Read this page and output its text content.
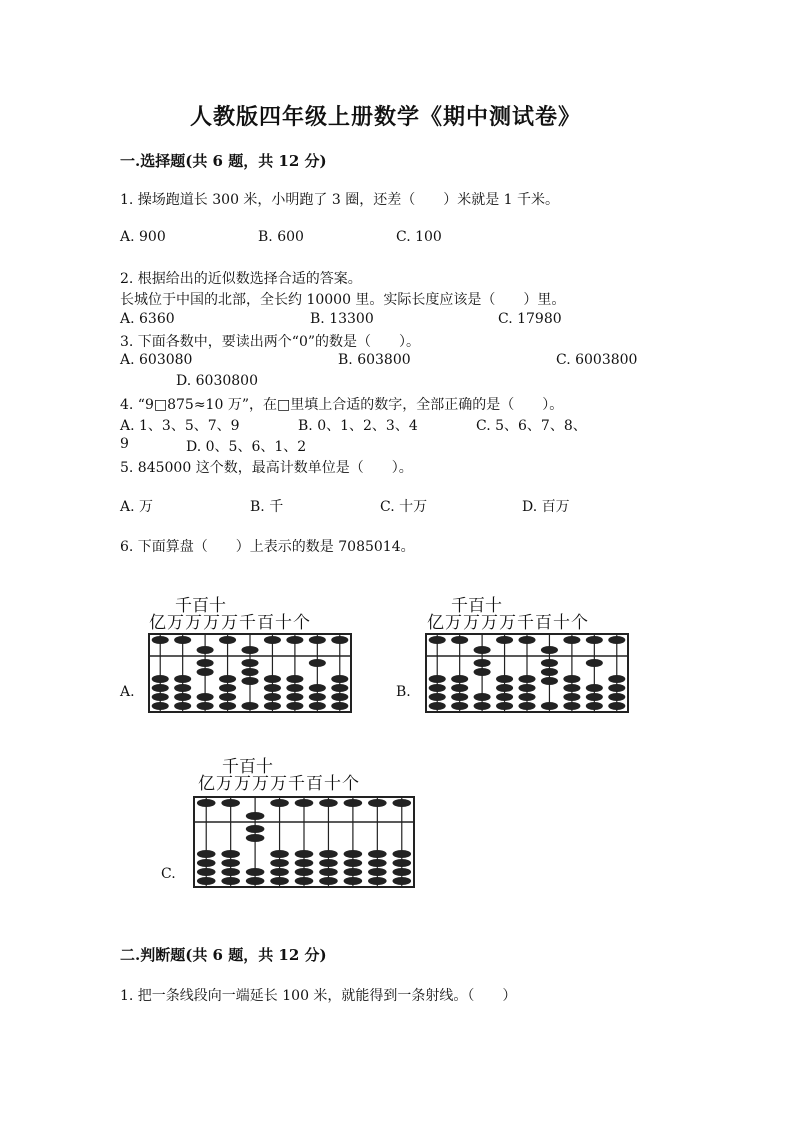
人教版四年级上册数学《期中测试卷》
一.选择题(共 6 题，共 12 分)
1. 操场跑道长 300 米，小明跑了 3 圈，还差（　　）米就是 1 千米。
A. 900	B. 600	C. 100
2. 根据给出的近似数选择合适的答案。
长城位于中国的北部，全长约 10000 里。实际长度应该是（　　）里。
A. 6360	B. 13300	C. 17980
3. 下面各数中，要读出两个“0”的数是（　　）。
A. 603080	B. 603800	C. 6003800
D. 6030800
4. “9□875≈10 万”，在□里填上合适的数字，全部正确的是（　　）。
A. 1、3、5、7、9	B. 0、1、2、3、4	C. 5、6、7、8、
9	D. 0、5、6、1、2
5. 845000 这个数，最高计数单位是（　　）。
A. 万	B. 千	C. 十万	D. 百万
6. 下面算盘（　　）上表示的数是 7085014。
千百十
亿万万万万千百十个
A.
千百十
亿万万万万千百十个
B.
千百十
亿万万万万千百十个
C.
二.判断题(共 6 题，共 12 分)
1. 把一条线段向一端延长 100 米，就能得到一条射线。（　　）
